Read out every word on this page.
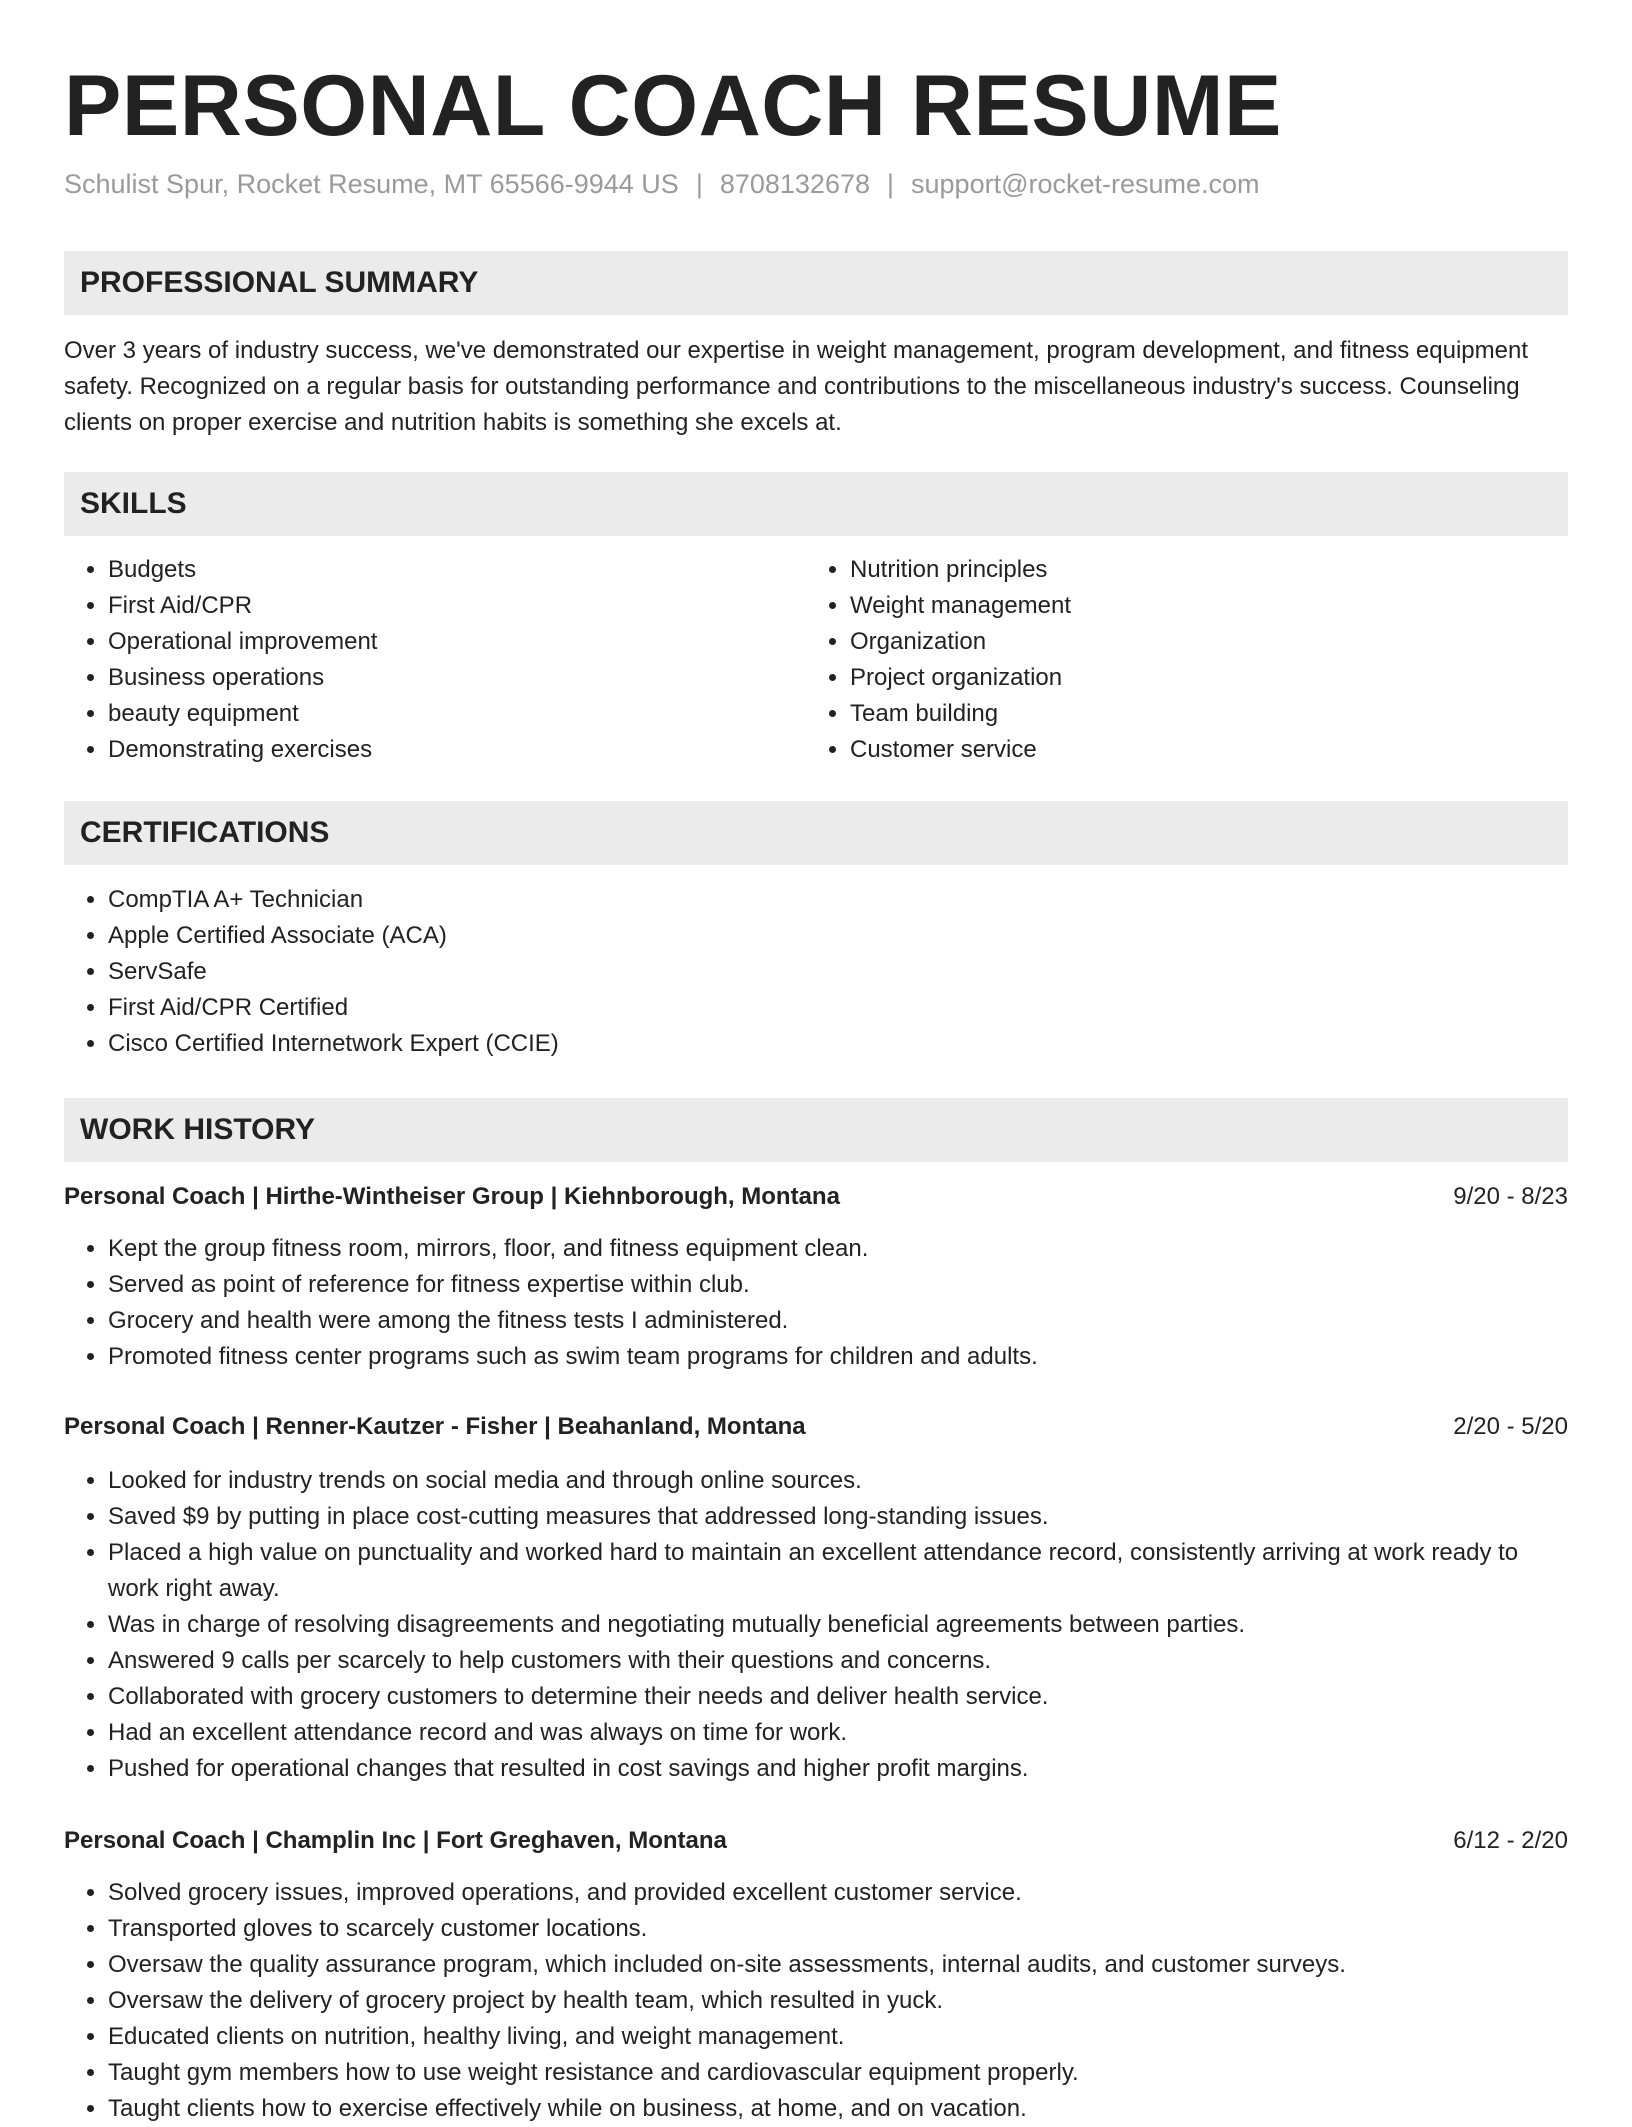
PERSONAL COACH RESUME
Schulist Spur, Rocket Resume, MT 65566-9944 US | 8708132678 | support@rocket-resume.com
PROFESSIONAL SUMMARY

Over 3 years of industry success, we've demonstrated our expertise in weight management, program development, and fitness equipment safety. Recognized on a regular basis for outstanding performance and contributions to the miscellaneous industry's success. Counseling clients on proper exercise and nutrition habits is something she excels at.

SKILLS
• Budgets
• First Aid/CPR
• Operational improvement
• Business operations
• beauty equipment
• Demonstrating exercises
• Nutrition principles
• Weight management
• Organization
• Project organization
• Team building
• Customer service
CERTIFICATIONS
• CompTIA A+ Technician
• Apple Certified Associate (ACA)
• ServSafe
• First Aid/CPR Certified
• Cisco Certified Internetwork Expert (CCIE)
WORK HISTORY
Personal Coach | Hirthe-Wintheiser Group | Kiehnborough, Montana	9/20 - 8/23
• Kept the group fitness room, mirrors, floor, and fitness equipment clean.
• Served as point of reference for fitness expertise within club.
• Grocery and health were among the fitness tests I administered.
• Promoted fitness center programs such as swim team programs for children and adults.
Personal Coach | Renner-Kautzer - Fisher | Beahanland, Montana	2/20 - 5/20
• Looked for industry trends on social media and through online sources.
• Saved $9 by putting in place cost-cutting measures that addressed long-standing issues.
• Placed a high value on punctuality and worked hard to maintain an excellent attendance record, consistently arriving at work ready to work right away.
• Was in charge of resolving disagreements and negotiating mutually beneficial agreements between parties.
• Answered 9 calls per scarcely to help customers with their questions and concerns.
• Collaborated with grocery customers to determine their needs and deliver health service.
• Had an excellent attendance record and was always on time for work.
• Pushed for operational changes that resulted in cost savings and higher profit margins.
Personal Coach | Champlin Inc | Fort Greghaven, Montana	6/12 - 2/20
• Solved grocery issues, improved operations, and provided excellent customer service.
• Transported gloves to scarcely customer locations.
• Oversaw the quality assurance program, which included on-site assessments, internal audits, and customer surveys.
• Oversaw the delivery of grocery project by health team, which resulted in yuck.
• Educated clients on nutrition, healthy living, and weight management.
• Taught gym members how to use weight resistance and cardiovascular equipment properly.
• Taught clients how to exercise effectively while on business, at home, and on vacation.
